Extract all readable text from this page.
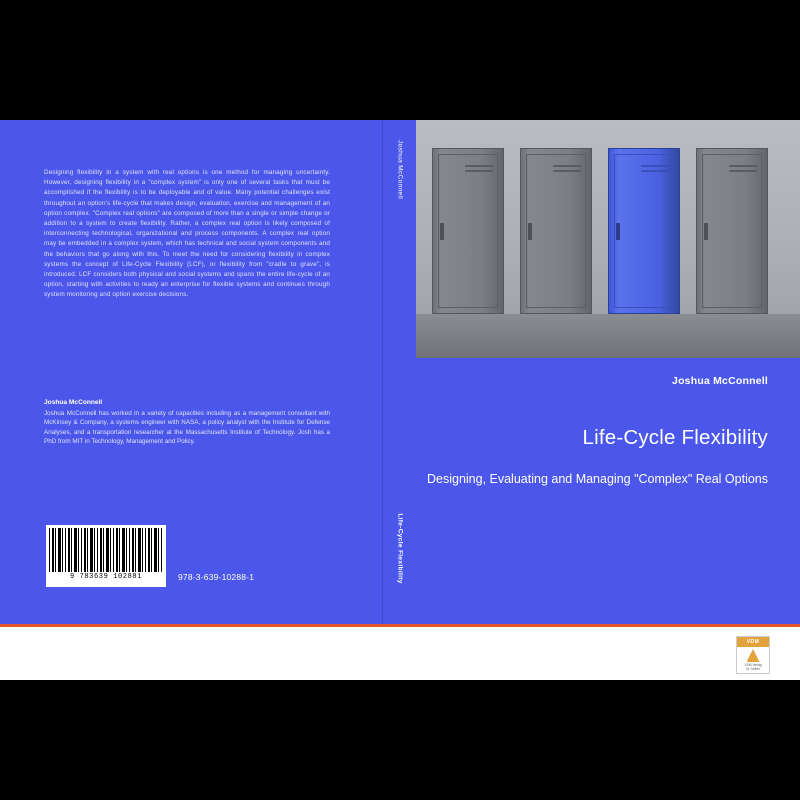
Designing flexibility in a system with real options is one method for managing uncertainty. However, designing flexibility in a "complex system" is only one of several tasks that must be accomplished if the flexibility is to be deployable and of value. Many potential challenges exist throughout an option's life-cycle that makes design, evaluation, exercise and management of an option complex. "Complex real options" are composed of more than a single or simple change or addition to a system to create flexibility. Rather, a complex real option is likely composed of interconnecting technological, organizational and process components. A complex real option may be embedded in a complex system, which has technical and social system components and the behaviors that go along with this. To meet the need for considering flexibility in complex systems the concept of Life-Cycle Flexibility (LCF), or flexibility from "cradle to grave", is introduced. LCF considers both physical and social systems and spans the entire life-cycle of an option, starting with activities to ready an enterprise for flexible systems and continues through system monitoring and option exercise decisions.
Joshua McConnell
Joshua McConnell has worked in a variety of capacities including as a management consultant with McKinsey & Company, a systems engineer with NASA, a policy analyst with the Institute for Defense Analyses, and a transportation researcher at the Massachusetts Institute of Technology. Josh has a PhD from MIT in Technology, Management and Policy.
9 783639 102881	978-3-639-10288-1
Joshua McConnell
Life-Cycle Flexibility
Joshua McConnell
Life-Cycle Flexibility
Designing, Evaluating and Managing "Complex" Real Options
VDM
VDM Verlag
Dr. Müller
